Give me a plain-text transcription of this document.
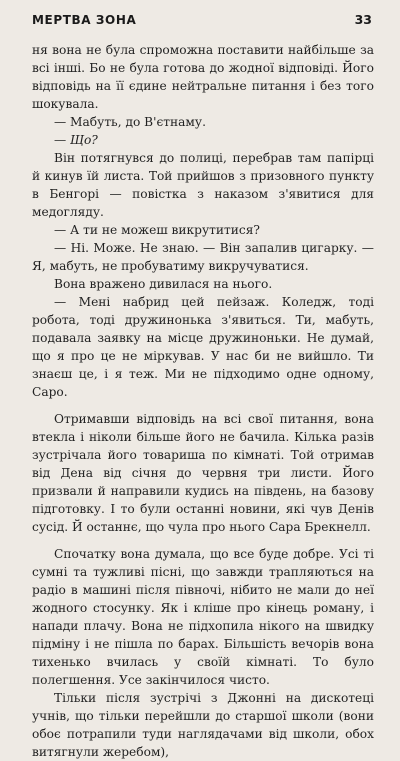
МЕРТВА ЗОНА	33

ня вона не була спроможна поставити найбільше за всі інші. Бо не була готова до жодної відповіді. Його відповідь на її єдине нейтральне питання і без того шокувала.

— Мабуть, до В'єтнаму.

— Що?

Він потягнувся до полиці, перебрав там папірці й кинув їй листа. Той прийшов з призовного пункту в Бенгорі — повістка з наказом з'явитися для медогляду.

— А ти не можеш викрутитися?

— Ні. Може. Не знаю. — Він запалив цигарку. — Я, мабуть, не пробуватиму викручуватися.

Вона вражено дивилася на нього.

— Мені набрид цей пейзаж. Коледж, тоді робота, тоді дружинонька з'явиться. Ти, мабуть, подавала заявку на місце дружиноньки. Не думай, що я про це не міркував. У нас би не вийшло. Ти знаєш це, і я теж. Ми не підходимо одне одному, Саро.

Отримавши відповідь на всі свої питання, вона втекла і ніколи більше його не бачила. Кілька разів зустрічала його товариша по кімнаті. Той отримав від Дена від січня до червня три листи. Його призвали й направили кудись на південь, на базову підготовку. І то були останні новини, які чув Денів сусід. Й останнє, що чула про нього Сара Брекнелл.

Спочатку вона думала, що все буде добре. Усі ті сумні та тужливі пісні, що завжди трапляються на радіо в машині після півночі, нібито не мали до неї жодного стосунку. Як і кліше про кінець роману, і напади плачу. Вона не підхопила нікого на швидку підміну і не пішла по барах. Більшість вечорів вона тихенько вчилась у своїй кімнаті. То було полегшення. Усе закінчилося чисто.

Тільки після зустрічі з Джонні на дискотеці учнів, що тільки перейшли до старшої школи (вони обоє потрапили туди наглядачами від школи, обох витягнули жеребом),
